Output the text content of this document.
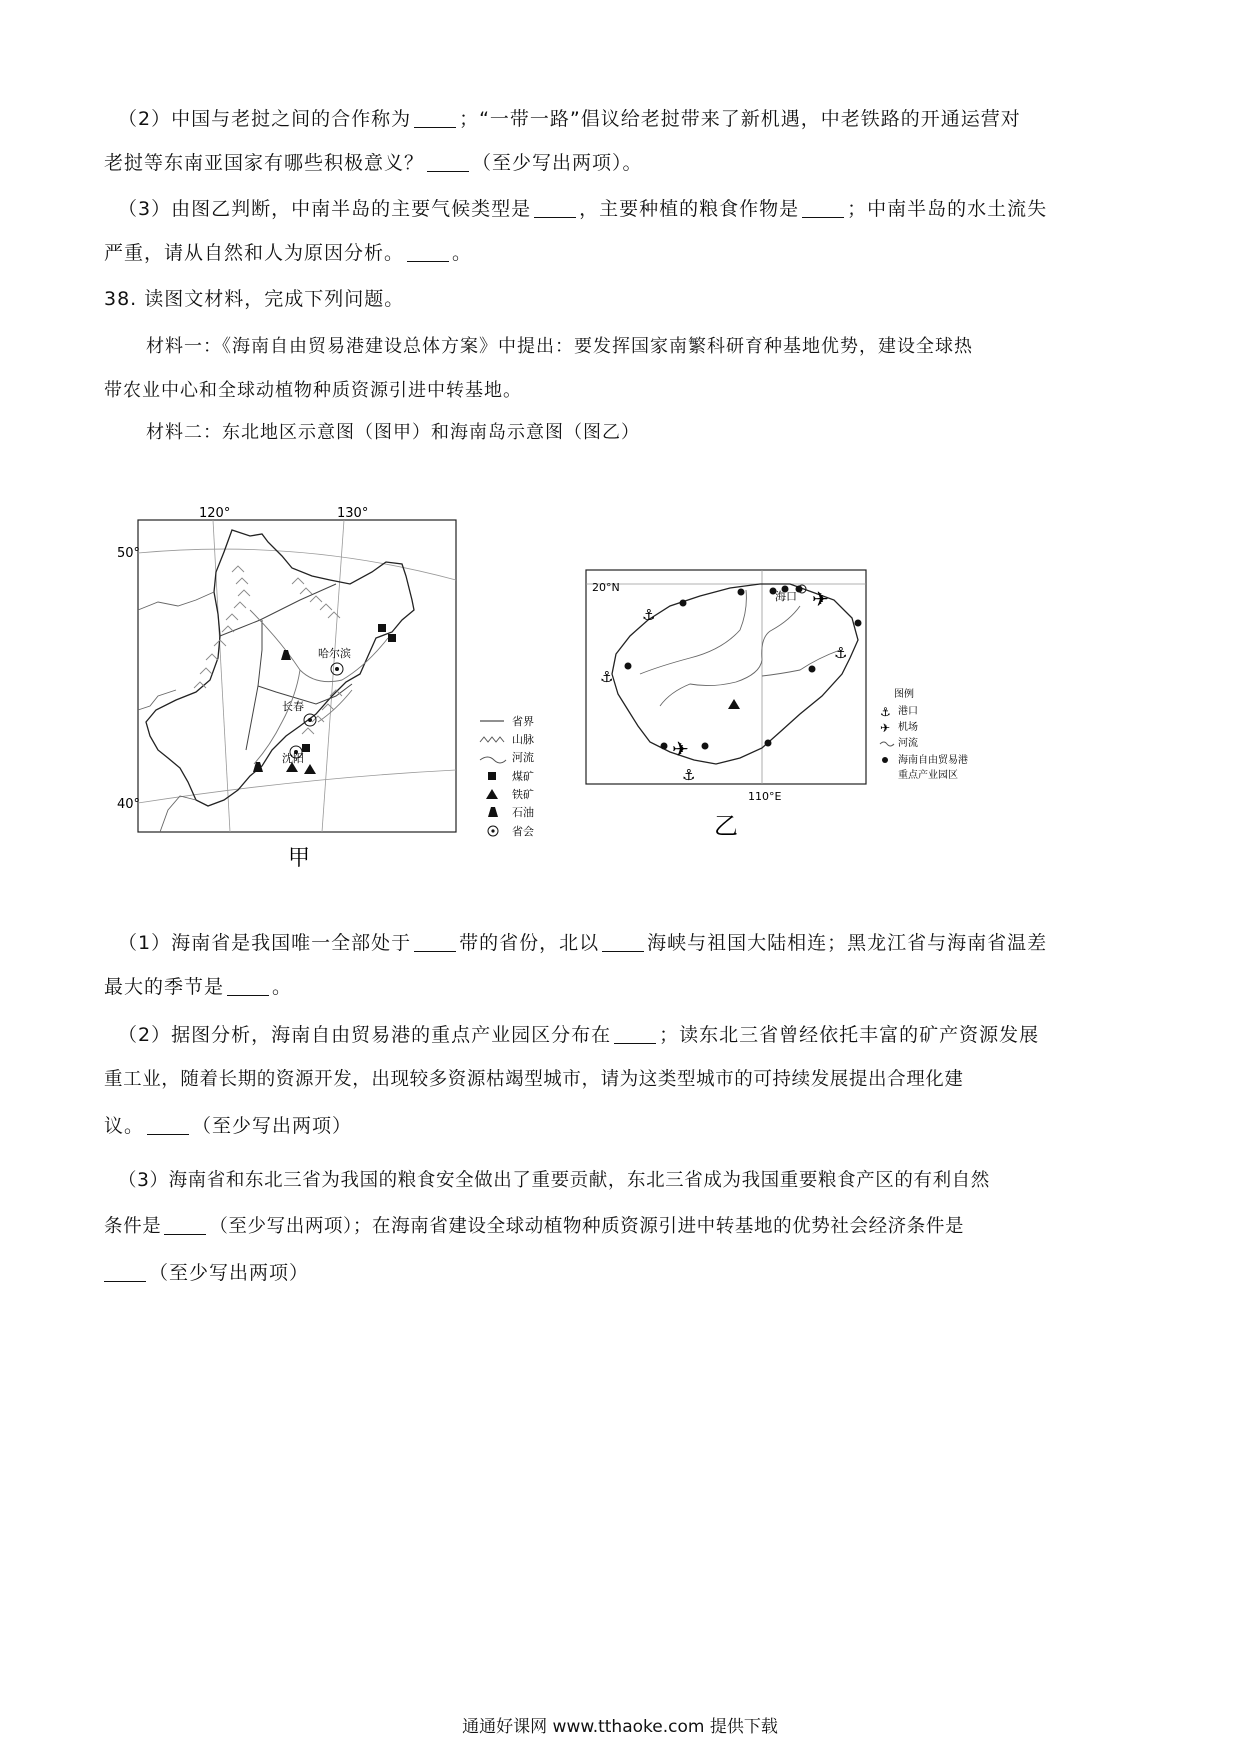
（2）中国与老挝之间的合作称为	；“一带一路”倡议给老挝带来了新机遇，中老铁路的开通运营对
老挝等东南亚国家有哪些积极意义？	（至少写出两项）。
（3）由图乙判断，中南半岛的主要气候类型是	，主要种植的粮食作物是	；中南半岛的水土流失
严重，请从自然和人为原因分析。	。
38. 读图文材料，完成下列问题。
材料一：《海南自由贸易港建设总体方案》中提出：要发挥国家南繁科研育种基地优势，建设全球热
带农业中心和全球动植物种质资源引进中转基地。
材料二：东北地区示意图（图甲）和海南岛示意图（图乙）
120°	130°
50°
40°
哈尔滨
长春
沈阳
甲
省界
山脉
河流
煤矿
铁矿
石油
省会
20°N
110°E
海口 ✈
✈
⚓
⚓
⚓
⚓
乙
图例
⚓ 港口
✈ 机场
河流
海南自由贸易港
重点产业园区
（1）海南省是我国唯一全部处于	带的省份，北以	海峡与祖国大陆相连；黑龙江省与海南省温差
最大的季节是	。
（2）据图分析，海南自由贸易港的重点产业园区分布在	；读东北三省曾经依托丰富的矿产资源发展
重工业，随着长期的资源开发，出现较多资源枯竭型城市，请为这类型城市的可持续发展提出合理化建
议。	（至少写出两项）
（3）海南省和东北三省为我国的粮食安全做出了重要贡献，东北三省成为我国重要粮食产区的有利自然
条件是	（至少写出两项）；在海南省建设全球动植物种质资源引进中转基地的优势社会经济条件是
（至少写出两项）
通通好课网 www.tthaoke.com 提供下载
